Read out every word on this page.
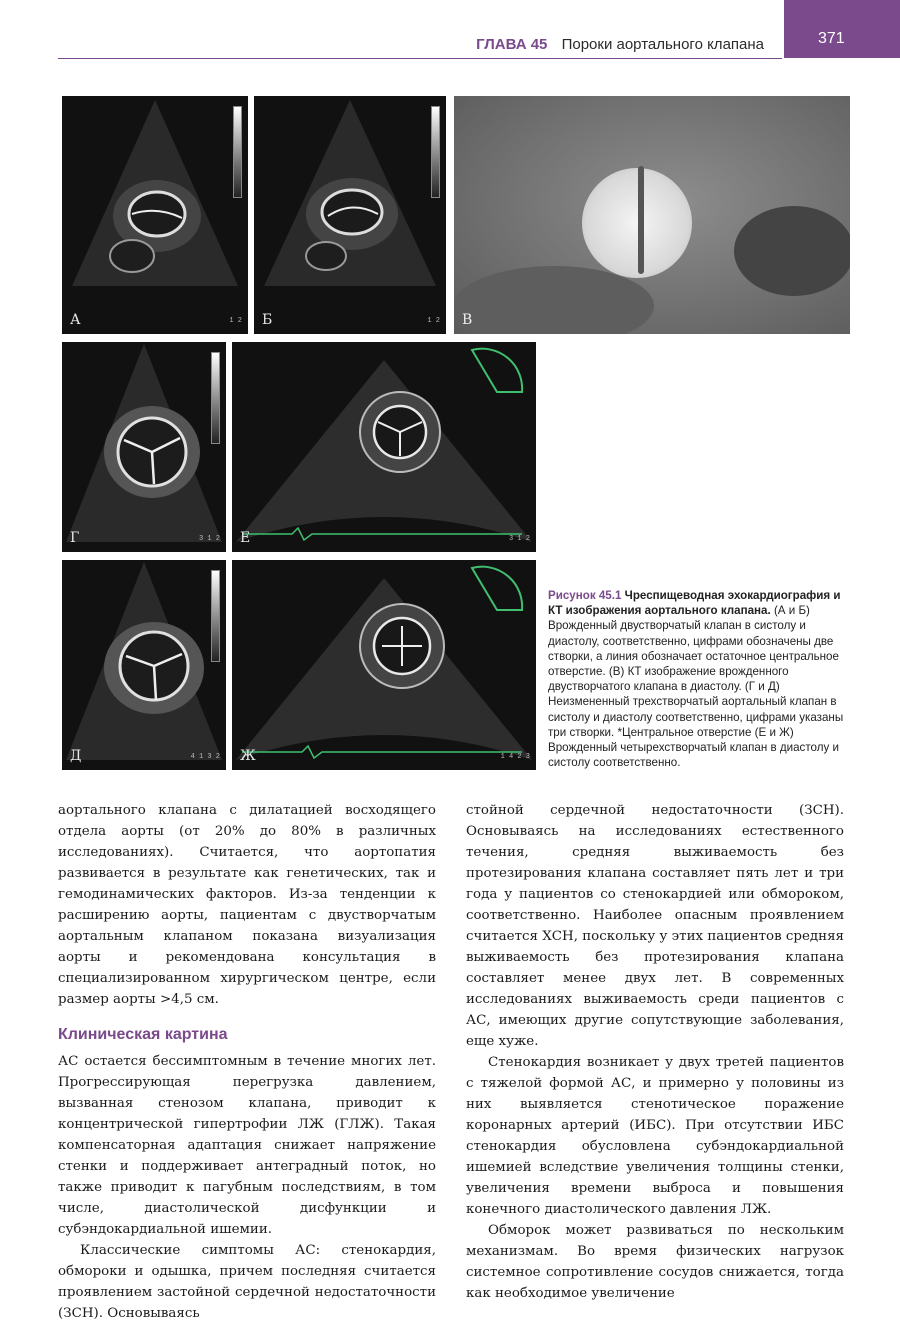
ГЛАВА 45 Пороки аортального клапана	371
А	1 2 Б	1 2 В
Г	3 1 2 Е	3 1 2
Д	4 1 3 2 Ж	1 4 2 3
Рисунок 45.1 Чреспищеводная эхокардиография и КТ изображения аортального клапана. (А и Б) Врожденный двустворчатый клапан в систолу и диастолу, соответственно, цифрами обозначены две створки, а линия обозначает остаточное центральное отверстие. (В) КТ изображение врожденного двустворчатого клапана в диастолу. (Г и Д) Неизмененный трехстворчатый аортальный клапан в систолу и диастолу соответственно, цифрами указаны три створки. *Центральное отверстие (Е и Ж) Врожденный четырехстворчатый клапан в диастолу и систолу соответственно.

аортального клапана с дилатацией восходящего отдела аорты (от 20% до 80% в различных исследованиях). Считается, что аортопатия развивается в результате как генетических, так и гемодинамических факторов. Из-за тенденции к расширению аорты, пациентам с двустворчатым аортальным клапаном показана визуализация аорты и рекомендована консультация в специализированном хирургическом центре, если размер аорты >4,5 см.

Клиническая картина

АС остается бессимптомным в течение многих лет. Прогрессирующая перегрузка давлением, вызванная стенозом клапана, приводит к концентрической гипертрофии ЛЖ (ГЛЖ). Такая компенсаторная адаптация снижает напряжение стенки и поддерживает антеградный поток, но также приводит к пагубным последствиям, в том числе, диастолической дисфункции и субэндокардиальной ишемии.

Классические симптомы АС: стенокардия, обмороки и одышка, причем последняя считается проявлением застойной сердечной недостаточности (ЗСН). Основываясь

стойной сердечной недостаточности (ЗСН). Основываясь на исследованиях естественного течения, средняя выживаемость без протезирования клапана составляет пять лет и три года у пациентов со стенокардией или обмороком, соответственно. Наиболее опасным проявлением считается ХСН, поскольку у этих пациентов средняя выживаемость без протезирования клапана составляет менее двух лет. В современных исследованиях выживаемость среди пациентов с АС, имеющих другие сопутствующие заболевания, еще хуже.

Стенокардия возникает у двух третей пациентов с тяжелой формой АС, и примерно у половины из них выявляется стенотическое поражение коронарных артерий (ИБС). При отсутствии ИБС стенокардия обусловлена субэндокардиальной ишемией вследствие увеличения толщины стенки, увеличения времени выброса и повышения конечного диастолического давления ЛЖ.

Обморок может развиваться по нескольким механизмам. Во время физических нагрузок системное сопротивление сосудов снижается, тогда как необходимое увеличение
